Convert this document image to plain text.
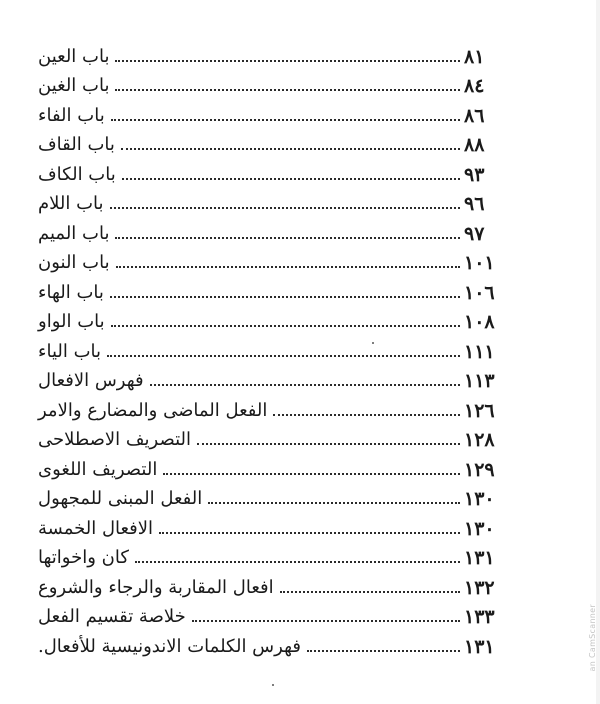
باب العين	٨١
باب الغين	٨٤
باب الفاء	٨٦
باب القاف	٨٨
باب الكاف	٩٣
باب اللام	٩٦
باب الميم	٩٧
باب النون	١٠١
باب الهاء	١٠٦
باب الواو	١٠٨
باب الياء	١١١
فهرس الافعال	١١٣
الفعل الماضى والمضارع والامر	١٢٦
التصريف الاصطلاحى	١٢٨
التصريف اللغوى	١٢٩
الفعل المبنى للمجهول	١٣٠
الافعال الخمسة	١٣٠
كان واخواتها	١٣١
افعال المقاربة والرجاء والشروع	١٣٢
خلاصة تقسيم الفعل	١٣٣
فهرس الكلمات الاندونيسية للأفعال.	١٣١	an CamScanner
